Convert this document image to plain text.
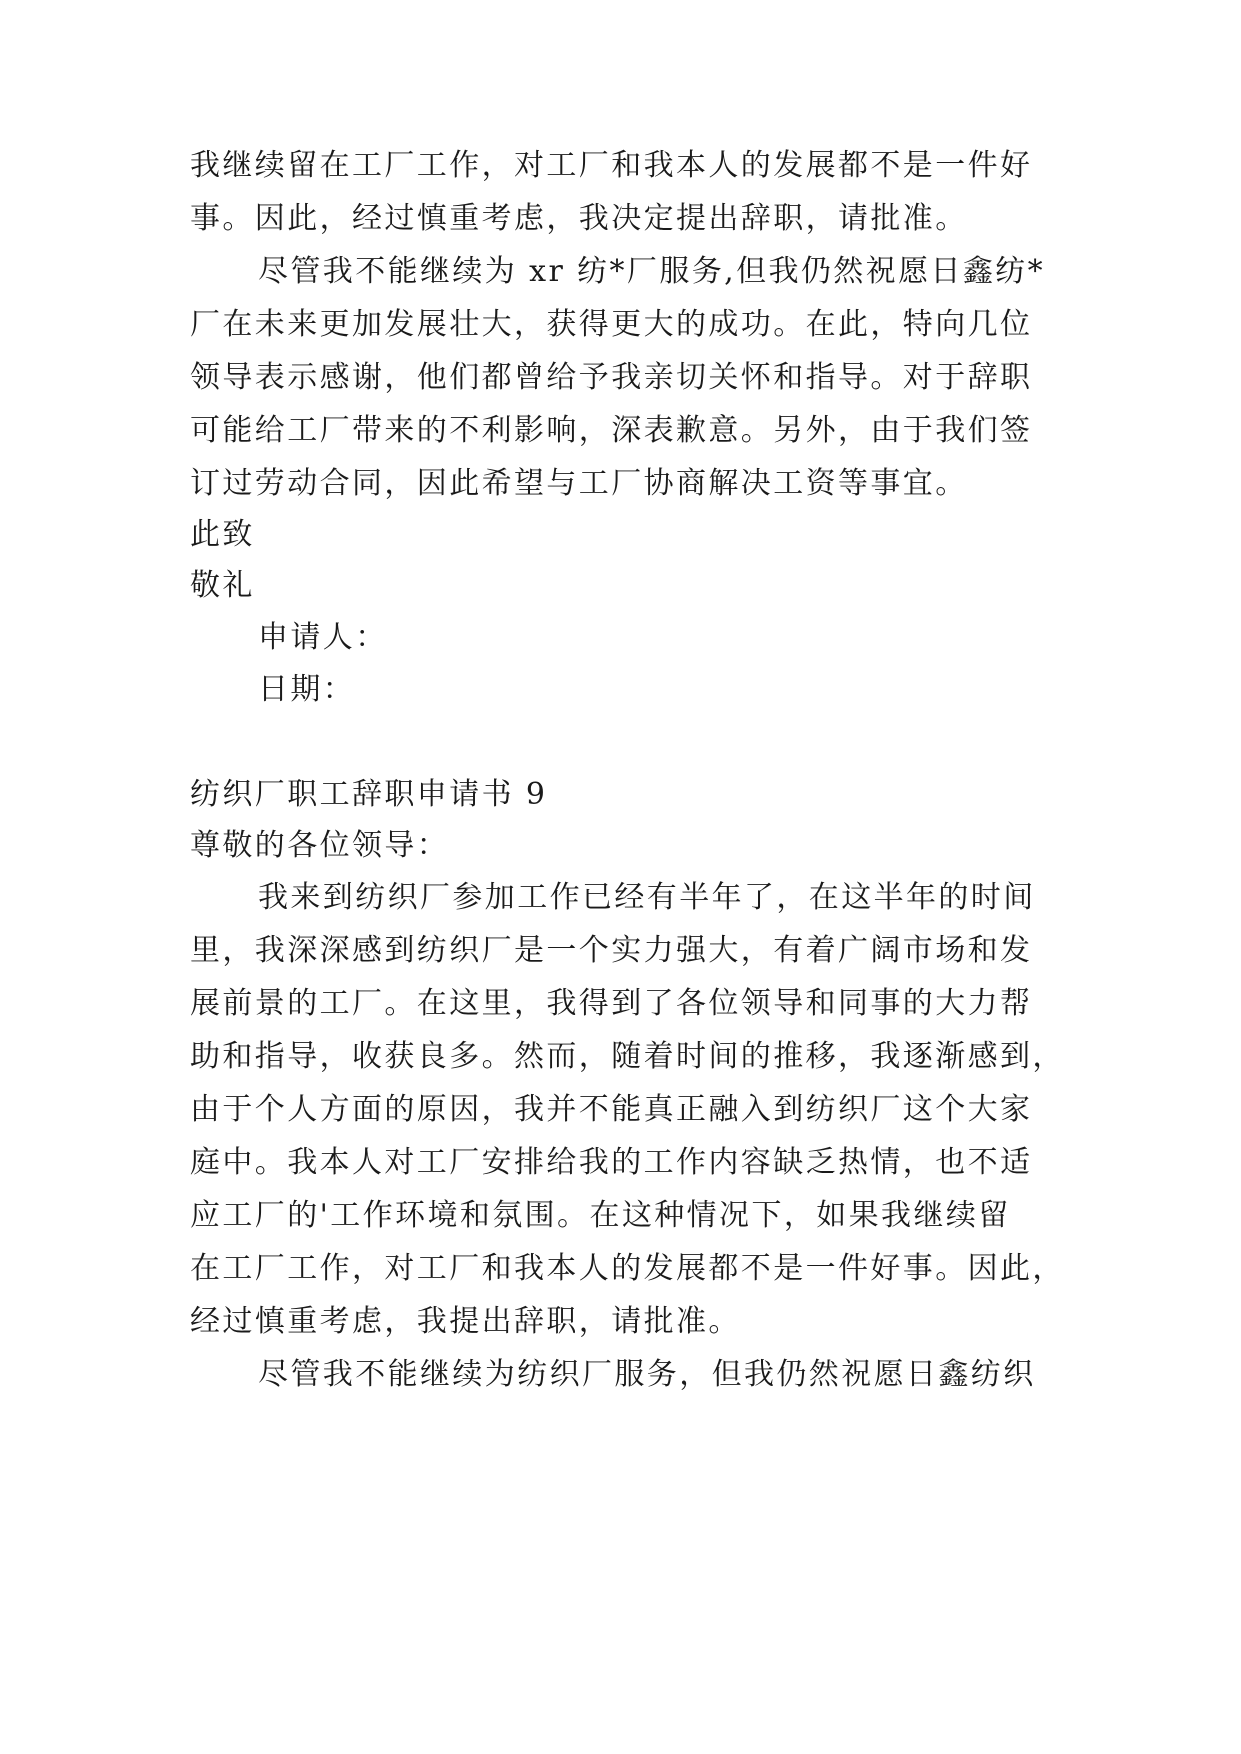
我继续留在工厂工作，对工厂和我本人的发展都不是一件好
事。因此，经过慎重考虑，我决定提出辞职，请批准。
尽管我不能继续为 xr 纺*厂服务,但我仍然祝愿日鑫纺*
厂在未来更加发展壮大，获得更大的成功。在此，特向几位
领导表示感谢，他们都曾给予我亲切关怀和指导。对于辞职
可能给工厂带来的不利影响，深表歉意。另外，由于我们签
订过劳动合同，因此希望与工厂协商解决工资等事宜。
此致
敬礼
申请人：
日期：
纺织厂职工辞职申请书 9
尊敬的各位领导：
我来到纺织厂参加工作已经有半年了，在这半年的时间
里，我深深感到纺织厂是一个实力强大，有着广阔市场和发
展前景的工厂。在这里，我得到了各位领导和同事的大力帮
助和指导，收获良多。然而，随着时间的推移，我逐渐感到，
由于个人方面的原因，我并不能真正融入到纺织厂这个大家
庭中。我本人对工厂安排给我的工作内容缺乏热情，也不适
应工厂的'工作环境和氛围。在这种情况下，如果我继续留
在工厂工作，对工厂和我本人的发展都不是一件好事。因此，
经过慎重考虑，我提出辞职，请批准。
尽管我不能继续为纺织厂服务，但我仍然祝愿日鑫纺织
